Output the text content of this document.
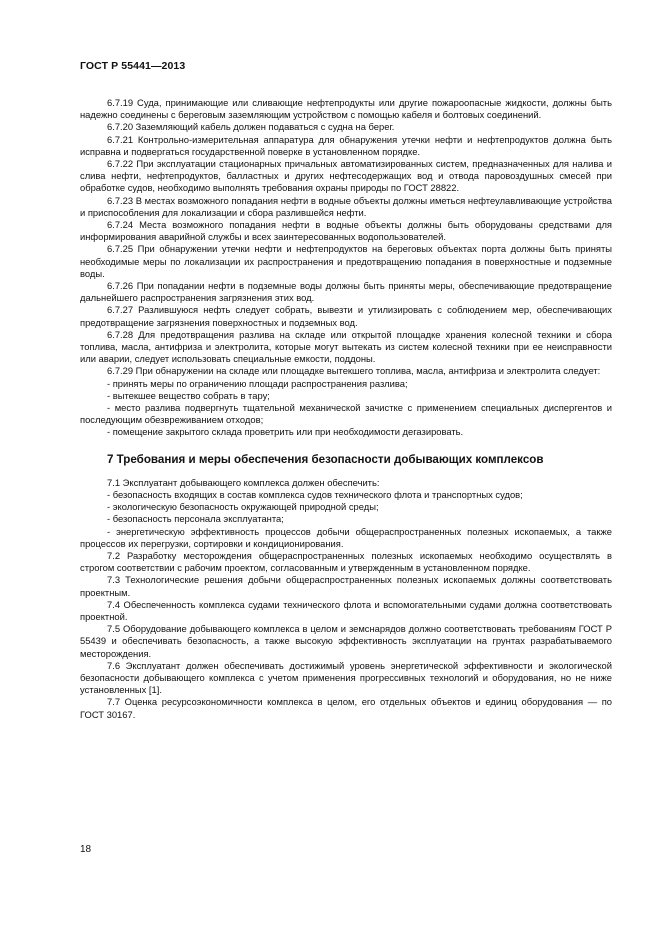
ГОСТ Р 55441—2013

6.7.19 Суда, принимающие или сливающие нефтепродукты или другие пожароопасные жидкости, должны быть надежно соединены с береговым заземляющим устройством с помощью кабеля и болтовых соединений.

6.7.20 Заземляющий кабель должен подаваться с судна на берег.

6.7.21 Контрольно-измерительная аппаратура для обнаружения утечки нефти и нефтепродуктов должна быть исправна и подвергаться государственной поверке в установленном порядке.

6.7.22 При эксплуатации стационарных причальных автоматизированных систем, предназначенных для налива и слива нефти, нефтепродуктов, балластных и других нефтесодержащих вод и отвода паровоздушных смесей при обработке судов, необходимо выполнять требования охраны природы по ГОСТ 28822.

6.7.23 В местах возможного попадания нефти в водные объекты должны иметься нефтеулавливающие устройства и приспособления для локализации и сбора разлившейся нефти.

6.7.24 Места возможного попадания нефти в водные объекты должны быть оборудованы средствами для информирования аварийной службы и всех заинтересованных водопользователей.

6.7.25 При обнаружении утечки нефти и нефтепродуктов на береговых объектах порта должны быть приняты необходимые меры по локализации их распространения и предотвращению попадания в поверхностные и подземные воды.

6.7.26 При попадании нефти в подземные воды должны быть приняты меры, обеспечивающие предотвращение дальнейшего распространения загрязнения этих вод.

6.7.27 Разлившуюся нефть следует собрать, вывезти и утилизировать с соблюдением мер, обеспечивающих предотвращение загрязнения поверхностных и подземных вод.

6.7.28 Для предотвращения разлива на складе или открытой площадке хранения колесной техники и сбора топлива, масла, антифриза и электролита, которые могут вытекать из систем колесной техники при ее неисправности или аварии, следует использовать специальные емкости, поддоны.

6.7.29 При обнаружении на складе или площадке вытекшего топлива, масла, антифриза и электролита следует:

- принять меры по ограничению площади распространения разлива;

- вытекшее вещество собрать в тару;

- место разлива подвергнуть тщательной механической зачистке с применением специальных диспергентов и последующим обезвреживанием отходов;

- помещение закрытого склада проветрить или при необходимости дегазировать.

7 Требования и меры обеспечения безопасности добывающих комплексов

7.1 Эксплуатант добывающего комплекса должен обеспечить:

- безопасность входящих в состав комплекса судов технического флота и транспортных судов;

- экологическую безопасность окружающей природной среды;

- безопасность персонала эксплуатанта;

- энергетическую эффективность процессов добычи общераспространенных полезных ископаемых, а также процессов их перегрузки, сортировки и кондиционирования.

7.2 Разработку месторождения общераспространенных полезных ископаемых необходимо осуществлять в строгом соответствии с рабочим проектом, согласованным и утвержденным в установленном порядке.

7.3 Технологические решения добычи общераспространенных полезных ископаемых должны соответствовать проектным.

7.4 Обеспеченность комплекса судами технического флота и вспомогательными судами должна соответствовать проектной.

7.5 Оборудование добывающего комплекса в целом и земснарядов должно соответствовать требованиям ГОСТ Р 55439 и обеспечивать безопасность, а также высокую эффективность эксплуатации на грунтах разрабатываемого месторождения.

7.6 Эксплуатант должен обеспечивать достижимый уровень энергетической эффективности и экологической безопасности добывающего комплекса с учетом применения прогрессивных технологий и оборудования, но не ниже установленных [1].

7.7 Оценка ресурсоэкономичности комплекса в целом, его отдельных объектов и единиц оборудования — по ГОСТ 30167.

18
